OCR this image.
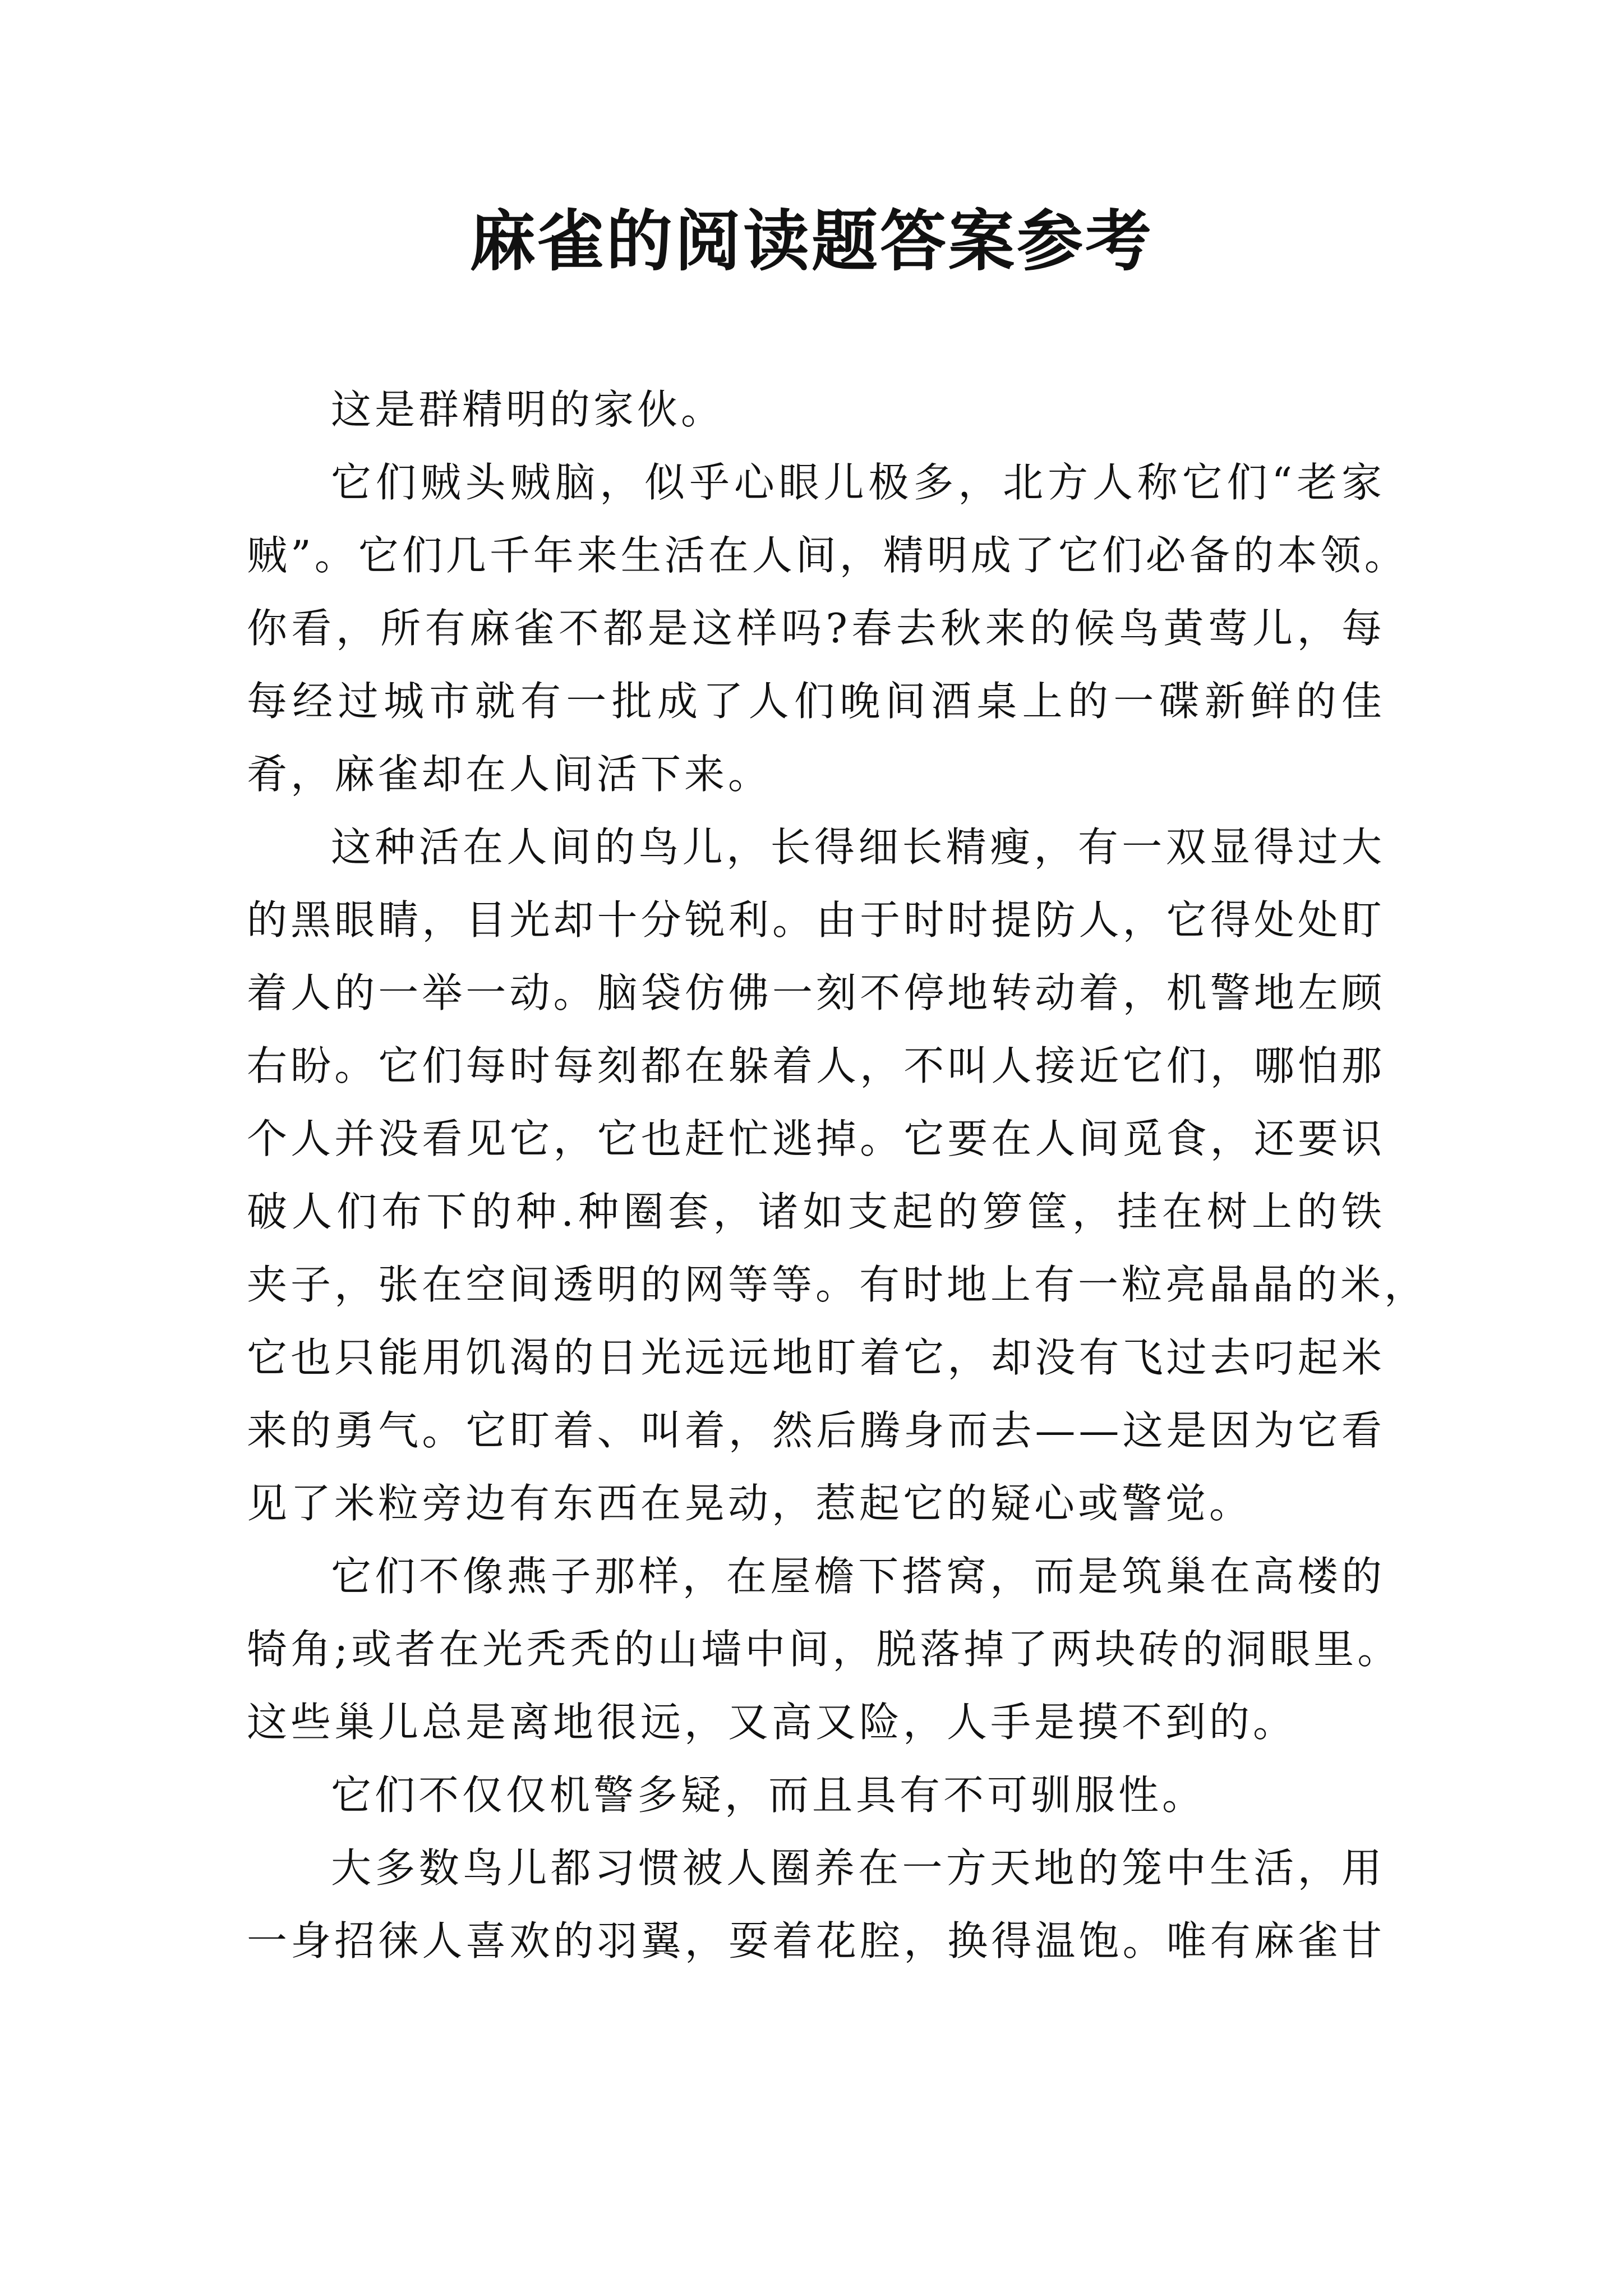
麻雀的阅读题答案参考
这是群精明的家伙。
它们贼头贼脑，似乎心眼儿极多，北方人称它们“老家
贼”。它们几千年来生活在人间，精明成了它们必备的本领。
你看，所有麻雀不都是这样吗?春去秋来的候鸟黄莺儿，每
每经过城市就有一批成了人们晚间酒桌上的一碟新鲜的佳
肴，麻雀却在人间活下来。
这种活在人间的鸟儿，长得细长精瘦，有一双显得过大
的黑眼睛，目光却十分锐利。由于时时提防人，它得处处盯
着人的一举一动。脑袋仿佛一刻不停地转动着，机警地左顾
右盼。它们每时每刻都在躲着人，不叫人接近它们，哪怕那
个人并没看见它，它也赶忙逃掉。它要在人间觅食，还要识
破人们布下的种.种圈套，诸如支起的箩筐，挂在树上的铁
夹子，张在空间透明的网等等。有时地上有一粒亮晶晶的米，
它也只能用饥渴的日光远远地盯着它，却没有飞过去叼起米
来的勇气。它盯着、叫着，然后腾身而去——这是因为它看
见了米粒旁边有东西在晃动，惹起它的疑心或警觉。
它们不像燕子那样，在屋檐下搭窝，而是筑巢在高楼的
犄角;或者在光秃秃的山墙中间，脱落掉了两块砖的洞眼里。
这些巢儿总是离地很远，又高又险，人手是摸不到的。
它们不仅仅机警多疑，而且具有不可驯服性。
大多数鸟儿都习惯被人圈养在一方天地的笼中生活，用
一身招徕人喜欢的羽翼，耍着花腔，换得温饱。唯有麻雀甘
